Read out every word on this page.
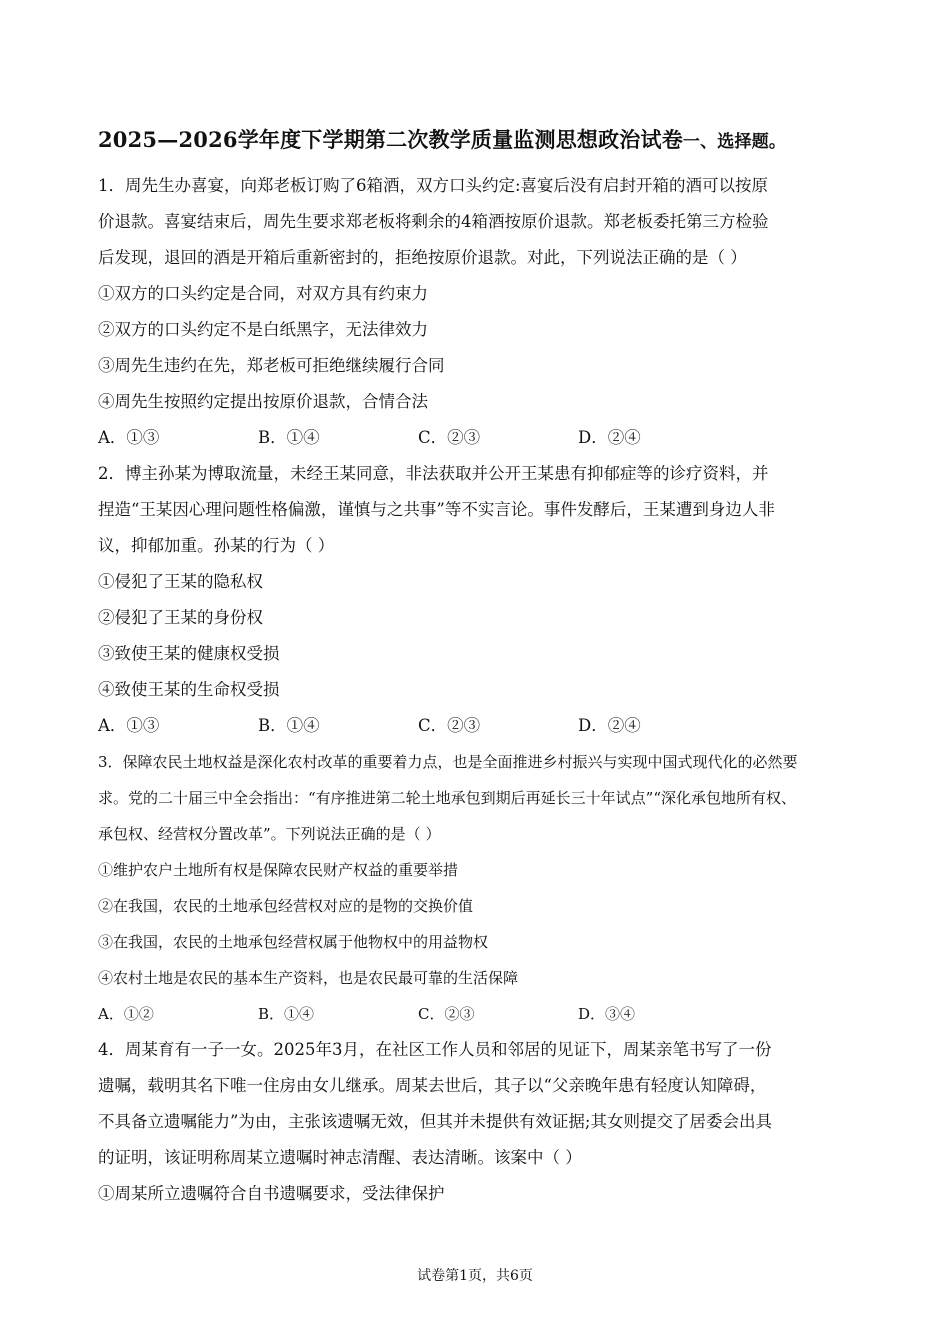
2025—2026学年度下学期第二次教学质量监测思想政治试卷一、选择题。
1．周先生办喜宴，向郑老板订购了6箱酒，双方口头约定:喜宴后没有启封开箱的酒可以按原
价退款。喜宴结束后，周先生要求郑老板将剩余的4箱酒按原价退款。郑老板委托第三方检验
后发现，退回的酒是开箱后重新密封的，拒绝按原价退款。对此，下列说法正确的是（ ）
①双方的口头约定是合同，对双方具有约束力
②双方的口头约定不是白纸黑字，无法律效力
③周先生违约在先，郑老板可拒绝继续履行合同
④周先生按照约定提出按原价退款，合情合法
A．①③	B．①④	C．②③	D．②④
2．博主孙某为博取流量，未经王某同意，非法获取并公开王某患有抑郁症等的诊疗资料，并
捏造“王某因心理问题性格偏激，谨慎与之共事”等不实言论。事件发酵后，王某遭到身边人非
议，抑郁加重。孙某的行为（ ）
①侵犯了王某的隐私权
②侵犯了王某的身份权
③致使王某的健康权受损
④致使王某的生命权受损
A．①③	B．①④	C．②③	D．②④
3．保障农民土地权益是深化农村改革的重要着力点，也是全面推进乡村振兴与实现中国式现代化的必然要
求。党的二十届三中全会指出：“有序推进第二轮土地承包到期后再延长三十年试点”“深化承包地所有权、
承包权、经营权分置改革”。下列说法正确的是（ ）
①维护农户土地所有权是保障农民财产权益的重要举措
②在我国，农民的土地承包经营权对应的是物的交换价值
③在我国，农民的土地承包经营权属于他物权中的用益物权
④农村土地是农民的基本生产资料，也是农民最可靠的生活保障
A．①②	B．①④	C．②③	D．③④
4．周某育有一子一女。2025年3月，在社区工作人员和邻居的见证下，周某亲笔书写了一份
遗嘱，载明其名下唯一住房由女儿继承。周某去世后，其子以“父亲晚年患有轻度认知障碍，
不具备立遗嘱能力”为由，主张该遗嘱无效，但其并未提供有效证据;其女则提交了居委会出具
的证明，该证明称周某立遗嘱时神志清醒、表达清晰。该案中（ ）
①周某所立遗嘱符合自书遗嘱要求，受法律保护
试卷第1页，共6页
